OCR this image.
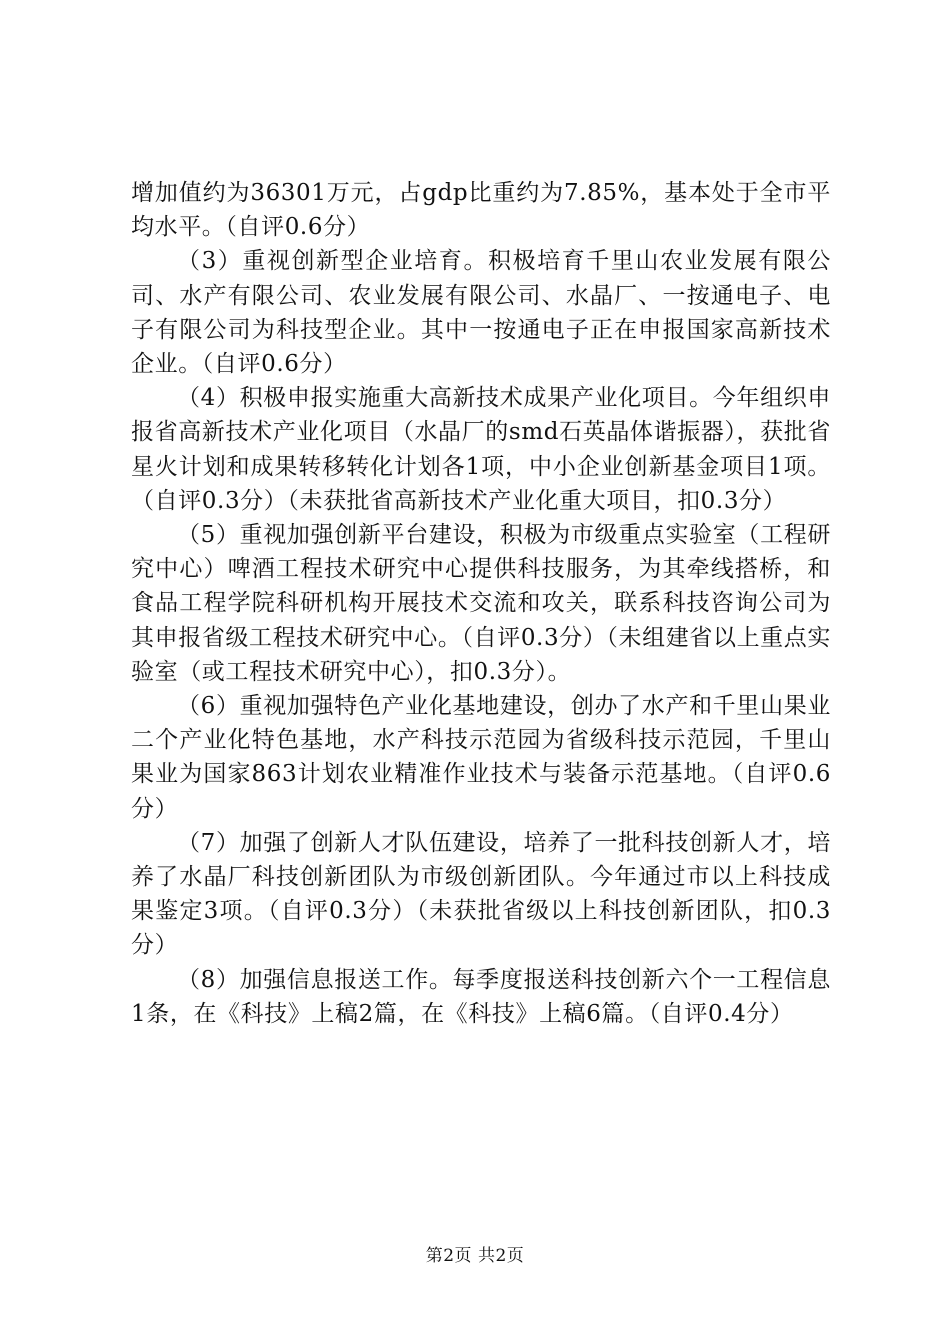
增加值约为36301万元，占gdp比重约为7.85%，基本处于全市平均水平。（自评0.6分）

（3）重视创新型企业培育。积极培育千里山农业发展有限公司、水产有限公司、农业发展有限公司、水晶厂、一按通电子、电子有限公司为科技型企业。其中一按通电子正在申报国家高新技术企业。（自评0.6分）

（4）积极申报实施重大高新技术成果产业化项目。今年组织申报省高新技术产业化项目（水晶厂的smd石英晶体谐振器），获批省星火计划和成果转移转化计划各1项，中小企业创新基金项目1项。（自评0.3分）（未获批省高新技术产业化重大项目，扣0.3分）

（5）重视加强创新平台建设，积极为市级重点实验室（工程研究中心）啤酒工程技术研究中心提供科技服务，为其牵线搭桥，和食品工程学院科研机构开展技术交流和攻关，联系科技咨询公司为其申报省级工程技术研究中心。（自评0.3分）（未组建省以上重点实验室（或工程技术研究中心），扣0.3分）。

（6）重视加强特色产业化基地建设，创办了水产和千里山果业二个产业化特色基地，水产科技示范园为省级科技示范园，千里山果业为国家863计划农业精准作业技术与装备示范基地。（自评0.6分）

（7）加强了创新人才队伍建设，培养了一批科技创新人才，培养了水晶厂科技创新团队为市级创新团队。今年通过市以上科技成果鉴定3项。（自评0.3分）（未获批省级以上科技创新团队，扣0.3分）

（8）加强信息报送工作。每季度报送科技创新六个一工程信息1条，在《科技》上稿2篇，在《科技》上稿6篇。（自评0.4分）

第2页 共2页
